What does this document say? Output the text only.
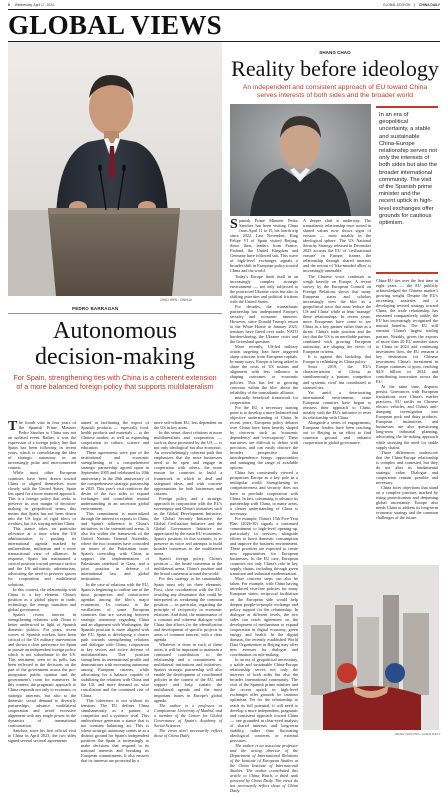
8 Wednesday, April 17, 2024	GLOBAL EDITION | CHINA DAILY
GLOBAL VIEWS
ZHAO WEN / XINHUA
PEDRO BARRAGAN
Autonomous decision-making
For Spain, strengthening ties with China is a coherent extension of a more balanced foreign policy that supports multilateralism

The fourth visit in four years of the Spanish Prime Minister Pedro Sanchez to China was not an isolated event. Rather, it was the expression of a foreign policy line that Spain has been following in recent years, which is consolidating the idea of strategic autonomy in an increasingly polar and interconnected context.

While most other European countries have been drawn toward China or aligned themselves more closely with the United States, Spain has opted for a more nuanced approach. This is a foreign policy that seeks to preserve its own margin of decision-making in geopolitical terms; this means that Spain has not been drawn into the US logic of rigid blocs or rivalries, but it is staying neither China.

This stance takes on particular relevance at a time when the US administration is pushing its international agenda marked by unilateralism, militarism and a more transactional view of alliances. In response, Spain has maintained a critical position toward pressure tactics and the US militaristic adventurism, advocating the need to preserve spaces for cooperation and multilateral solutions.

In this context, the relationship with China is a key element. China's position as a global player in trade, technology, the energy transition and global governance.

Spain's recent interest in strengthening relations with China is better understood in light of Spanish domestic politics. For years, recent waves of Spanish workers have been critical of the US military intervention and shown a clear preference for Spain to pursue an independent foreign policy which is not subordinate to the US. This sentiment, seen in its polls, has been reflected in the decisions on the part of the government across the pro-integration public opinion and the government's room for maneuver. In this context, the pragmatic approach to China responds not only to economic or strategic interests, but also to the domestic social demand to diversify partnerships, advance multilateral cooperation and avoid excessive alignment with any single power in the dynamics of international confrontation.

Sanchez, since his first official visit to China in April 2023, the two sides signed several sectoral agreements

aimed at facilitating the export of Spanish products — especially food, health products and materials — to the Chinese market, as well as expanding cooperation in culture, science and education.

These agreements were part of the institutional and economic strengthening of a comprehensive strategic partnership agreed upon in September 2005 and celebrated its 20th anniversary in the 20th anniversary of the comprehensive strategic partnership in 2025. This year's visit reinforces the desire of the two sides to expand exchanges and consolidate mutual understanding in an uncertain global environment.

This commitment is materialized through the interest in exports to China, and Spain's adherence to China's initiatives in the international arena. It also fits within the framework of the United Nations General Assembly, where the two countries have coincided on issues of the Palestinian issue. Spain's coinciding with China to support the implementation of Palestinian statehood in Gaza, and a joint position in defense of international law and global institutions.

In the case of relations with the EU, Spain is beginning to outline one of the most prosperous and constructive agendas among the bloc's major economies. In contrast to the vacillations of some European countries that are wavering between strategic autonomy regarding China and an alignment with Washington, the Spanish position is more aligned with the EU. Spain is developing a clearer path towards strengthening relations and dialogue with China, cooperation in key sectors and active defense of multilateralism. This position strengthens its international profile and demonstrates with increasing autonomy among European citizens, while advocating for a balance capable of stabilizing the relations with China and the US, and more demand on wise conciliation and the continued rise of China.

This coherence is not without its tensions. The EU defines China simultaneously as a partner, a competitor and a systemic rival. This ambivalence generates a stance that is not constant balancing act. This is where strategic autonomy comes in as a distinct ground for Spain's independent position: the Spain is increasingly to make decisions that respond to its national interests and breaking its European commitments. It also ensures that its interests are protected by a

more self-reliant EU, less dependent on the US in key areas.

In this sense, direct relations at more multilateralism and cooperation — such as those promoted by the US — is not only ideological but also economic. An overwhelmingly coherent path that emphasizes that the more businesses need to be open and engage in cooperation with others, the more reason for countries to build a framework in which to deal and safeguard ideas, and with concrete opportunities for both businesses and citizens.

Foreign policy and a strategic approach in conjunction with the EU's sovereignty and China's initiatives such as the Global Development Initiative, the Global Security Initiative, the Global Civilization Initiative and the Global Governance Initiative are appreciated by the main EU economies. Spain's position, in this scenario, is to preserve its voice and attempts to build broader consensus in the multilateral arena.

Spain's foreign policy, China's position — the broad consensus in the multilateral arena, China's position and the broad consensus around the world.

For this strategy to be sustainable, Spain must rely on three elements. First, close coordination with the EU, avoiding any dissonance that could be interpreted as weakening the common position — in particular, regarding the principle of reciprocity in economic relations. And third, the maintenance of a constant and coherent dialogue with China that allows for the identification and development of specific projects in areas of common interest, with a clear agenda.

Whatever is done in each of these areas, it will be important to maintain a continued contribution to the relationship and a commitment to multilateral institutions and initiatives. Spain's strategic partnership will also enable the development of coordinated policies in the context of the EU, and support and help sustain the multilateral agenda and the most important issues in Europe's global agenda.

The author is a professor at Complutense University of Madrid, and a member of the Center for Global Governance of Spain's Academy of Social Sciences.

The views don't necessarily reflect those of China Daily.

SHANG CHAO
Reality before ideology
An independent and consistent approach of EU toward China serves interests of both sides and the broader world
In an era of geopolitical uncertainty, a stable and sustainable China-Europe relationship serves not only the interests of both sides but also the broader international community. The visit of the Spanish prime minister and the recent uptick in high-level exchanges offer grounds for cautious optimism.

Spanish Prime Minister Pedro Sanchez has been visiting China from April 11 to 15, his fourth trip since 2022. Last November, King Felipe VI of Spain visited Beijing. Since then, leaders from France, Finland, the United Kingdom and Germany have followed suit. This wave of high-level exchanges signals a broader shift in European policy toward China and the world.

Today's Europe finds itself in an increasingly complex strategic environment — not only subjected to the protracted Ukraine crisis but also to shifting priorities and political frictions with the United States.

For decades, the transatlantic partnership has underpinned Europe's security and economic interests. However, since Donald Trump's return to the White House in January 2025, tensions have flared over trade, NATO burden-sharing, the Ukraine crisis and the Greenland question.

More recently, US-led military action targeting Iran have triggered sharp criticism from European capitals. In many ways, Europe is being asked to share the costs of US actions and alignment with less influence in shaping outcomes or economic policies. This has led to growing concerns within the bloc about the reliability of the transatlantic alliance.

mutually beneficial framework for cooperation.

For the EU, a necessary starting point is to develop a more balanced and objective understanding of China. In recent years, European policy debates over China have been heavily shaped by concerns such as 'economic dependency' and 'overcapacity'. These narratives are difficult to define with precision, and can easily obscure the broader perspective that interdependence brings opportunities and managing the range of available options.

China has consistently viewed a prosperous Europe as a key pole in a multipolar world. Strengthening its competitiveness and security does not have to preclude cooperation with China. In fact, continuing to advance its partnership with China, in many areas, a clearer understanding of China is necessary.

For example, China's 15th Five-Year Plan (2026-30) signals a continued commitment to high-level opening-up, particularly in services, alongside efforts to boost domestic consumption and improve the business environment. These priorities are expected to create new opportunities for European businesses. In the EU case, European countries not only China's role in key supply chains, including through green transition and industrial modernization.

More concrete steps can also be taken. For example, with China having introduced visa-free policies for many European states, reciprocal facilitation on the European side would help deepen people-to-people exchange and policy support for the relationship. In dialogue at different levels, the two sides can reach agreement on the development of mechanisms to expand cooperation in digital economy, green energy and health. In the digital domain, the recently established World Data Organization in Beijing may offer new avenues for dialogue and coordination on rule-making.

In an era of geopolitical uncertainty, a stable and sustainable China-Europe relationship serves not only the interests of both sides but also the broader international community. The visit of the Spanish prime minister and the recent uptick in high-level exchanges offer grounds for cautious optimism. Yet for the relationship to reach its full potential, it will need to develop a more independent, pragmatic and consistent approach toward China — one grounded in clear-eyed analysis of shared interests and long-term stability, rather than fluctuating ideological concerns or external pressures.

The author is an associate professor and the acting director of the Department of International Relations of the Institute of European Studies at the China Institute of International Studies. The author contributed this article to China Watch, a think tank powered by China Daily. The views do not necessarily reflect those of China Daily.

A deeper shift is underway. The transatlantic relationship once rooted in shared values now shows signs of erosion — most notably in the ideological sphere. The US National Security Strategy released in December 2025 accuses the EU of 'civilizational erasure' in Europe, frames the relationship through shared interests and the notion of 'like-minded allies' is increasingly untenable.

The Chinese voice continues to weigh heavily on Europe. A recent survey by the European Council on Foreign Relations shows that many European states and scholars increasingly view the bloc as a geopolitical actor that must 'reduce the US and China' while at least 'manage' these relationships. In recent years, more Europeans have come to see China as a key partner rather than as a threat. China's trade position and the fact that the US is an unreliable partner, combined with growing European autonomy, are shaping the views of European citizens.

It is against this backdrop that Europe is rethinking its China policy.

Since 2019, the EU's characterization of China as simultaneously a 'partner, competitor and systemic rival' has contributed to strained ties.

Yet amid a deteriorating international environment, some European countries have begun to reassess their approach to China, notably with the EU's initiative to reset its relationship with China.

Alongside a series of engagements, European leaders have been reaching out to Beijing in an effort to find common ground and enhance cooperation in global governance.

China-EU ties over the first time in eight years — the EU publicly acknowledged the Chinese market's growing weight. Despite the EU's increasing anxieties and a developing revised strategy toward China, the trade relationship has remained comparatively stable, the EU has increasingly recognized the mutual benefits. The EU still remains China's largest trading partner. Notably, given the exports of more than 20 EU member states to China in 2024 and continuing investment flow, the EU remains a key destination for Chinese investment. China's investment in Europe continues to grow, reaching $4.8 billion in 2024 and contributing innovation across the EU.

At the same time, disputes persist. Grievances with European frustrations over China's market practices, EU tariffs on Chinese electric vehicles, and China's anti-dumping investigation into European pork and dairy products. European institutions and businesses are also questioning long-term industrial planning, advocating the de-risking approach while stressing the need for stable supply chains.

These differences underscore that the China-Europe relationship is complex and contested, but they do not alter its fundamental strategic value. Dialogue and cooperation remain possible and necessary.

China faces objections that stand on a complex juncture, marked by rising protectionism and deepening global uncertainty. Europe also needs China to address its long-term economic strategy and the common challenges of the future.

WANG XIAOYING / CHINA DAILY
